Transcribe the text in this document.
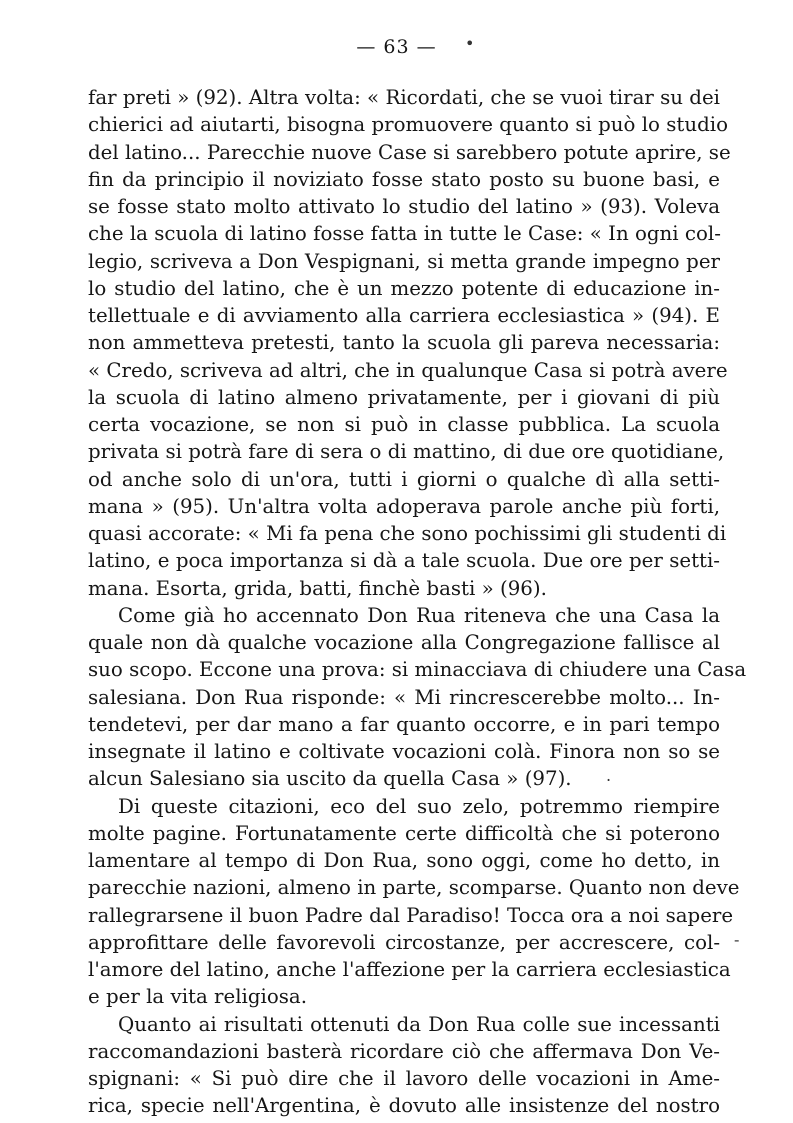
— 63 —	•
.
-
far preti » (92). Altra volta: « Ricordati, che se vuoi tirar su dei
chierici ad aiutarti, bisogna promuovere quanto si può lo studio
del latino... Parecchie nuove Case si sarebbero potute aprire, se
fin da principio il noviziato fosse stato posto su buone basi, e
se fosse stato molto attivato lo studio del latino » (93). Voleva
che la scuola di latino fosse fatta in tutte le Case: « In ogni col-
legio, scriveva a Don Vespignani, si metta grande impegno per
lo studio del latino, che è un mezzo potente di educazione in-
tellettuale e di avviamento alla carriera ecclesiastica » (94). E
non ammetteva pretesti, tanto la scuola gli pareva necessaria:
« Credo, scriveva ad altri, che in qualunque Casa si potrà avere
la scuola di latino almeno privatamente, per i giovani di più
certa vocazione, se non si può in classe pubblica. La scuola
privata si potrà fare di sera o di mattino, di due ore quotidiane,
od anche solo di un'ora, tutti i giorni o qualche dì alla setti-
mana » (95). Un'altra volta adoperava parole anche più forti,
quasi accorate: « Mi fa pena che sono pochissimi gli studenti di
latino, e poca importanza si dà a tale scuola. Due ore per setti-
mana. Esorta, grida, batti, finchè basti » (96).
Come già ho accennato Don Rua riteneva che una Casa la
quale non dà qualche vocazione alla Congregazione fallisce al
suo scopo. Eccone una prova: si minacciava di chiudere una Casa
salesiana. Don Rua risponde: « Mi rincrescerebbe molto... In-
tendetevi, per dar mano a far quanto occorre, e in pari tempo
insegnate il latino e coltivate vocazioni colà. Finora non so se
alcun Salesiano sia uscito da quella Casa » (97).
Di queste citazioni, eco del suo zelo, potremmo riempire
molte pagine. Fortunatamente certe difficoltà che si poterono
lamentare al tempo di Don Rua, sono oggi, come ho detto, in
parecchie nazioni, almeno in parte, scomparse. Quanto non deve
rallegrarsene il buon Padre dal Paradiso! Tocca ora a noi sapere
approfittare delle favorevoli circostanze, per accrescere, col-
l'amore del latino, anche l'affezione per la carriera ecclesiastica
e per la vita religiosa.
Quanto ai risultati ottenuti da Don Rua colle sue incessanti
raccomandazioni basterà ricordare ciò che affermava Don Ve-
spignani: « Si può dire che il lavoro delle vocazioni in Ame-
rica, specie nell'Argentina, è dovuto alle insistenze del nostro
